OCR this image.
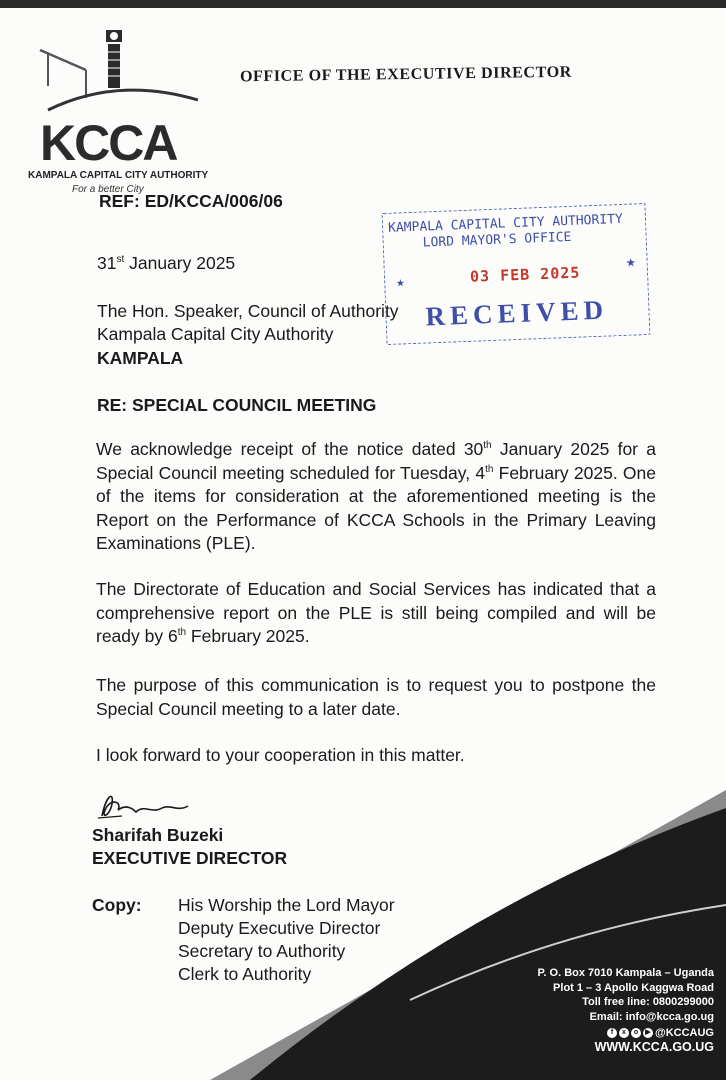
KCCA
KAMPALA CAPITAL CITY AUTHORITY
For a better City
OFFICE OF THE EXECUTIVE DIRECTOR
REF: ED/KCCA/006/06
31st January 2025
The Hon. Speaker, Council of Authority
Kampala Capital City Authority
KAMPALA
RE: SPECIAL COUNCIL MEETING

We acknowledge receipt of the notice dated 30th January 2025 for a Special Council meeting scheduled for Tuesday, 4th February 2025. One of the items for consideration at the aforementioned meeting is the Report on the Performance of KCCA Schools in the Primary Leaving Examinations (PLE).

The Directorate of Education and Social Services has indicated that a comprehensive report on the PLE is still being compiled and will be ready by 6th February 2025.

The purpose of this communication is to request you to postpone the Special Council meeting to a later date.
I look forward to your cooperation in this matter.
KAMPALA CAPITAL CITY AUTHORITY
LORD MAYOR'S OFFICE
★	03 FEB 2025
★
RECEIVED
Sharifah Buzeki
EXECUTIVE DIRECTOR
Copy: His Worship the Lord Mayor
Deputy Executive Director
Secretary to Authority
Clerk to Authority	P. O. Box 7010 Kampala – Uganda
Plot 1 – 3 Apollo Kaggwa Road
Toll free line: 0800299000
Email: info@kcca.go.ug
f	x	o	▶ @KCCAUG
WWW.KCCA.GO.UG
